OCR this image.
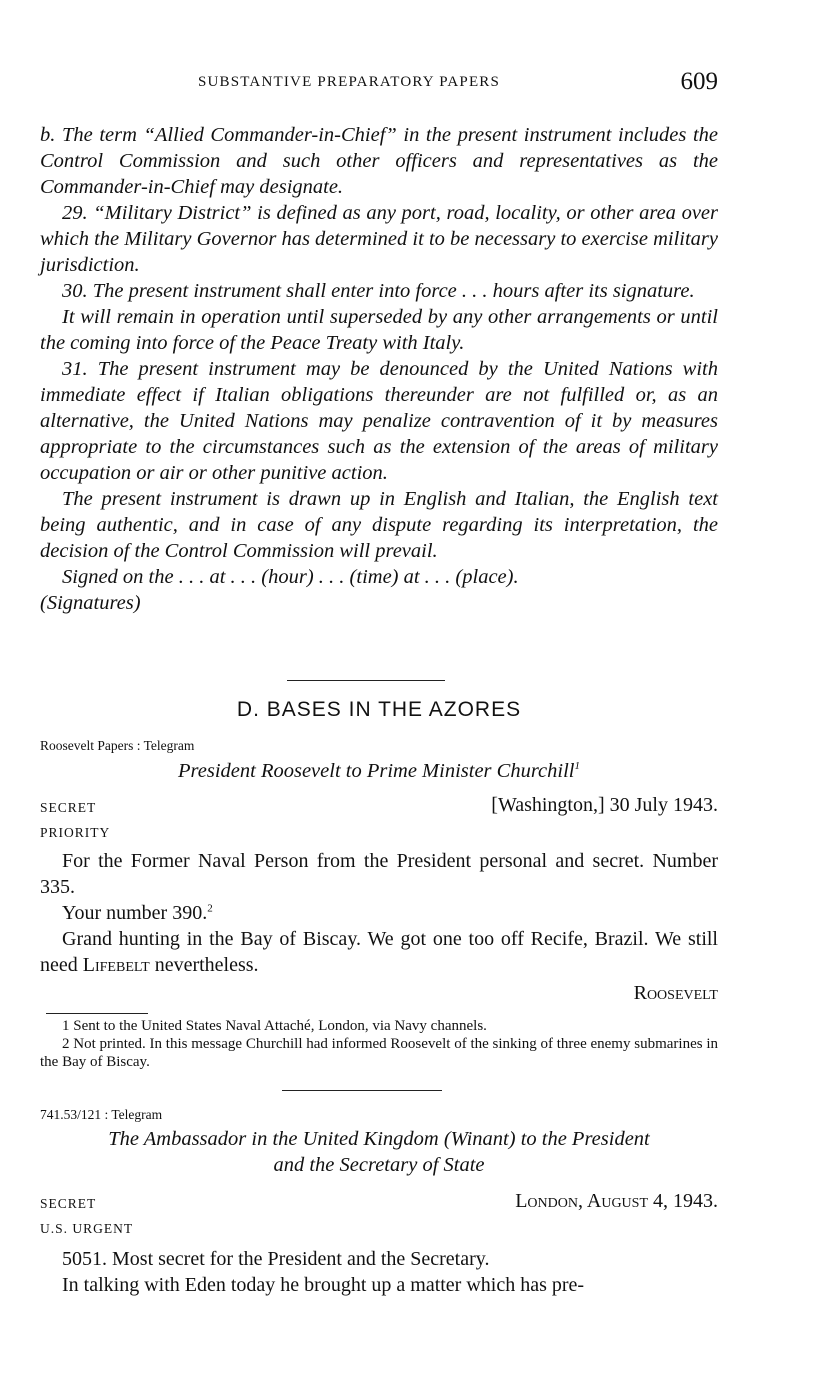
SUBSTANTIVE PREPARATORY PAPERS	609

b. The term “Allied Commander-in-Chief” in the present instrument includes the Control Commission and such other officers and representatives as the Commander-in-Chief may designate.

29. “Military District” is defined as any port, road, locality, or other area over which the Military Governor has determined it to be necessary to exercise military jurisdiction.

30. The present instrument shall enter into force . . . hours after its signature.

It will remain in operation until superseded by any other arrangements or until the coming into force of the Peace Treaty with Italy.

31. The present instrument may be denounced by the United Nations with immediate effect if Italian obligations thereunder are not fulfilled or, as an alternative, the United Nations may penalize contravention of it by measures appropriate to the circumstances such as the extension of the areas of military occupation or air or other punitive action.

The present instrument is drawn up in English and Italian, the English text being authentic, and in case of any dispute regarding its interpretation, the decision of the Control Commission will prevail.

Signed on the . . . at . . . (hour) . . . (time) at . . . (place).

(Signatures)

D. BASES IN THE AZORES
Roosevelt Papers : Telegram
President Roosevelt to Prime Minister Churchill$^1$
SECRET	[Washington,] 30 July 1943.
PRIORITY

For the Former Naval Person from the President personal and secret. Number 335.

Your number 390.$^2$

Grand hunting in the Bay of Biscay. We got one too off Recife, Brazil. We still need Lifebelt nevertheless.

Roosevelt

1 Sent to the United States Naval Attaché, London, via Navy channels.

2 Not printed. In this message Churchill had informed Roosevelt of the sinking of three enemy submarines in the Bay of Biscay.

741.53/121 : Telegram
The Ambassador in the United Kingdom (Winant) to the President
and the Secretary of State
SECRET	London, August 4, 1943.
U.S. URGENT

5051. Most secret for the President and the Secretary.

In talking with Eden today he brought up a matter which has pre-
